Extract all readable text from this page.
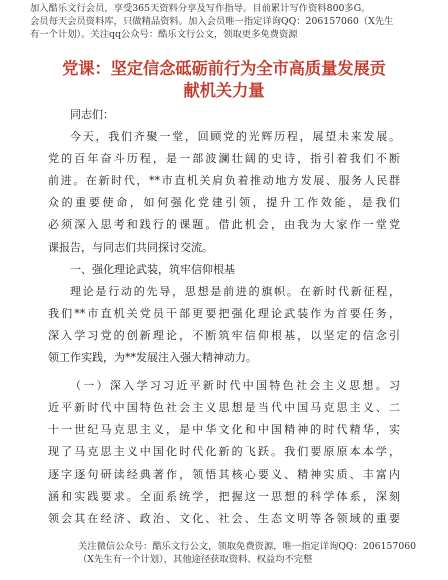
加入酷乐文行会员，享受365天资料分享及写作指导。目前累计写作资料800多G。
会员每天会员资料库，只做精品资料。加入会员唯一指定详询QQ：206157060（X先生
有一个计划）。关注qq公众号：酷乐文行公文，领取更多免费资源
党课：坚定信念砥砺前行为全市高质量发展贡
献机关力量
同志们：
今天，我们齐聚一堂，回顾党的光辉历程，展望未来发展。
党的百年奋斗历程，是一部波澜壮阔的史诗，指引着我们不断
前进。在新时代，**市直机关肩负着推动地方发展、服务人民群
众的重要使命，如何强化党建引领，提升工作效能，是我们
必须深入思考和践行的课题。借此机会，由我为大家作一堂党
课报告，与同志们共同探讨交流。
一、强化理论武装，筑牢信仰根基
理论是行动的先导，思想是前进的旗帜。在新时代新征程，
我们**市直机关党员干部更要把强化理论武装作为首要任务，
深入学习党的创新理论，不断筑牢信仰根基，以坚定的信念引
领工作实践，为**发展注入强大精神动力。
（一）深入学习习近平新时代中国特色社会主义思想。习
近平新时代中国特色社会主义思想是当代中国马克思主义、二
十一世纪马克思主义，是中华文化和中国精神的时代精华，实
现了马克思主义中国化时代化新的飞跃。我们要原原本本学，
逐字逐句研读经典著作，领悟其核心要义、精神实质、丰富内
涵和实践要求。全面系统学，把握这一思想的科学体系，深刻
领会其在经济、政治、文化、社会、生态文明等各领域的重要
关注微信公众号：酷乐文行公文，领取免费资源，唯一指定详询QQ：206157060
（X先生有一个计划），其他途径获取资料、权益均不完整
